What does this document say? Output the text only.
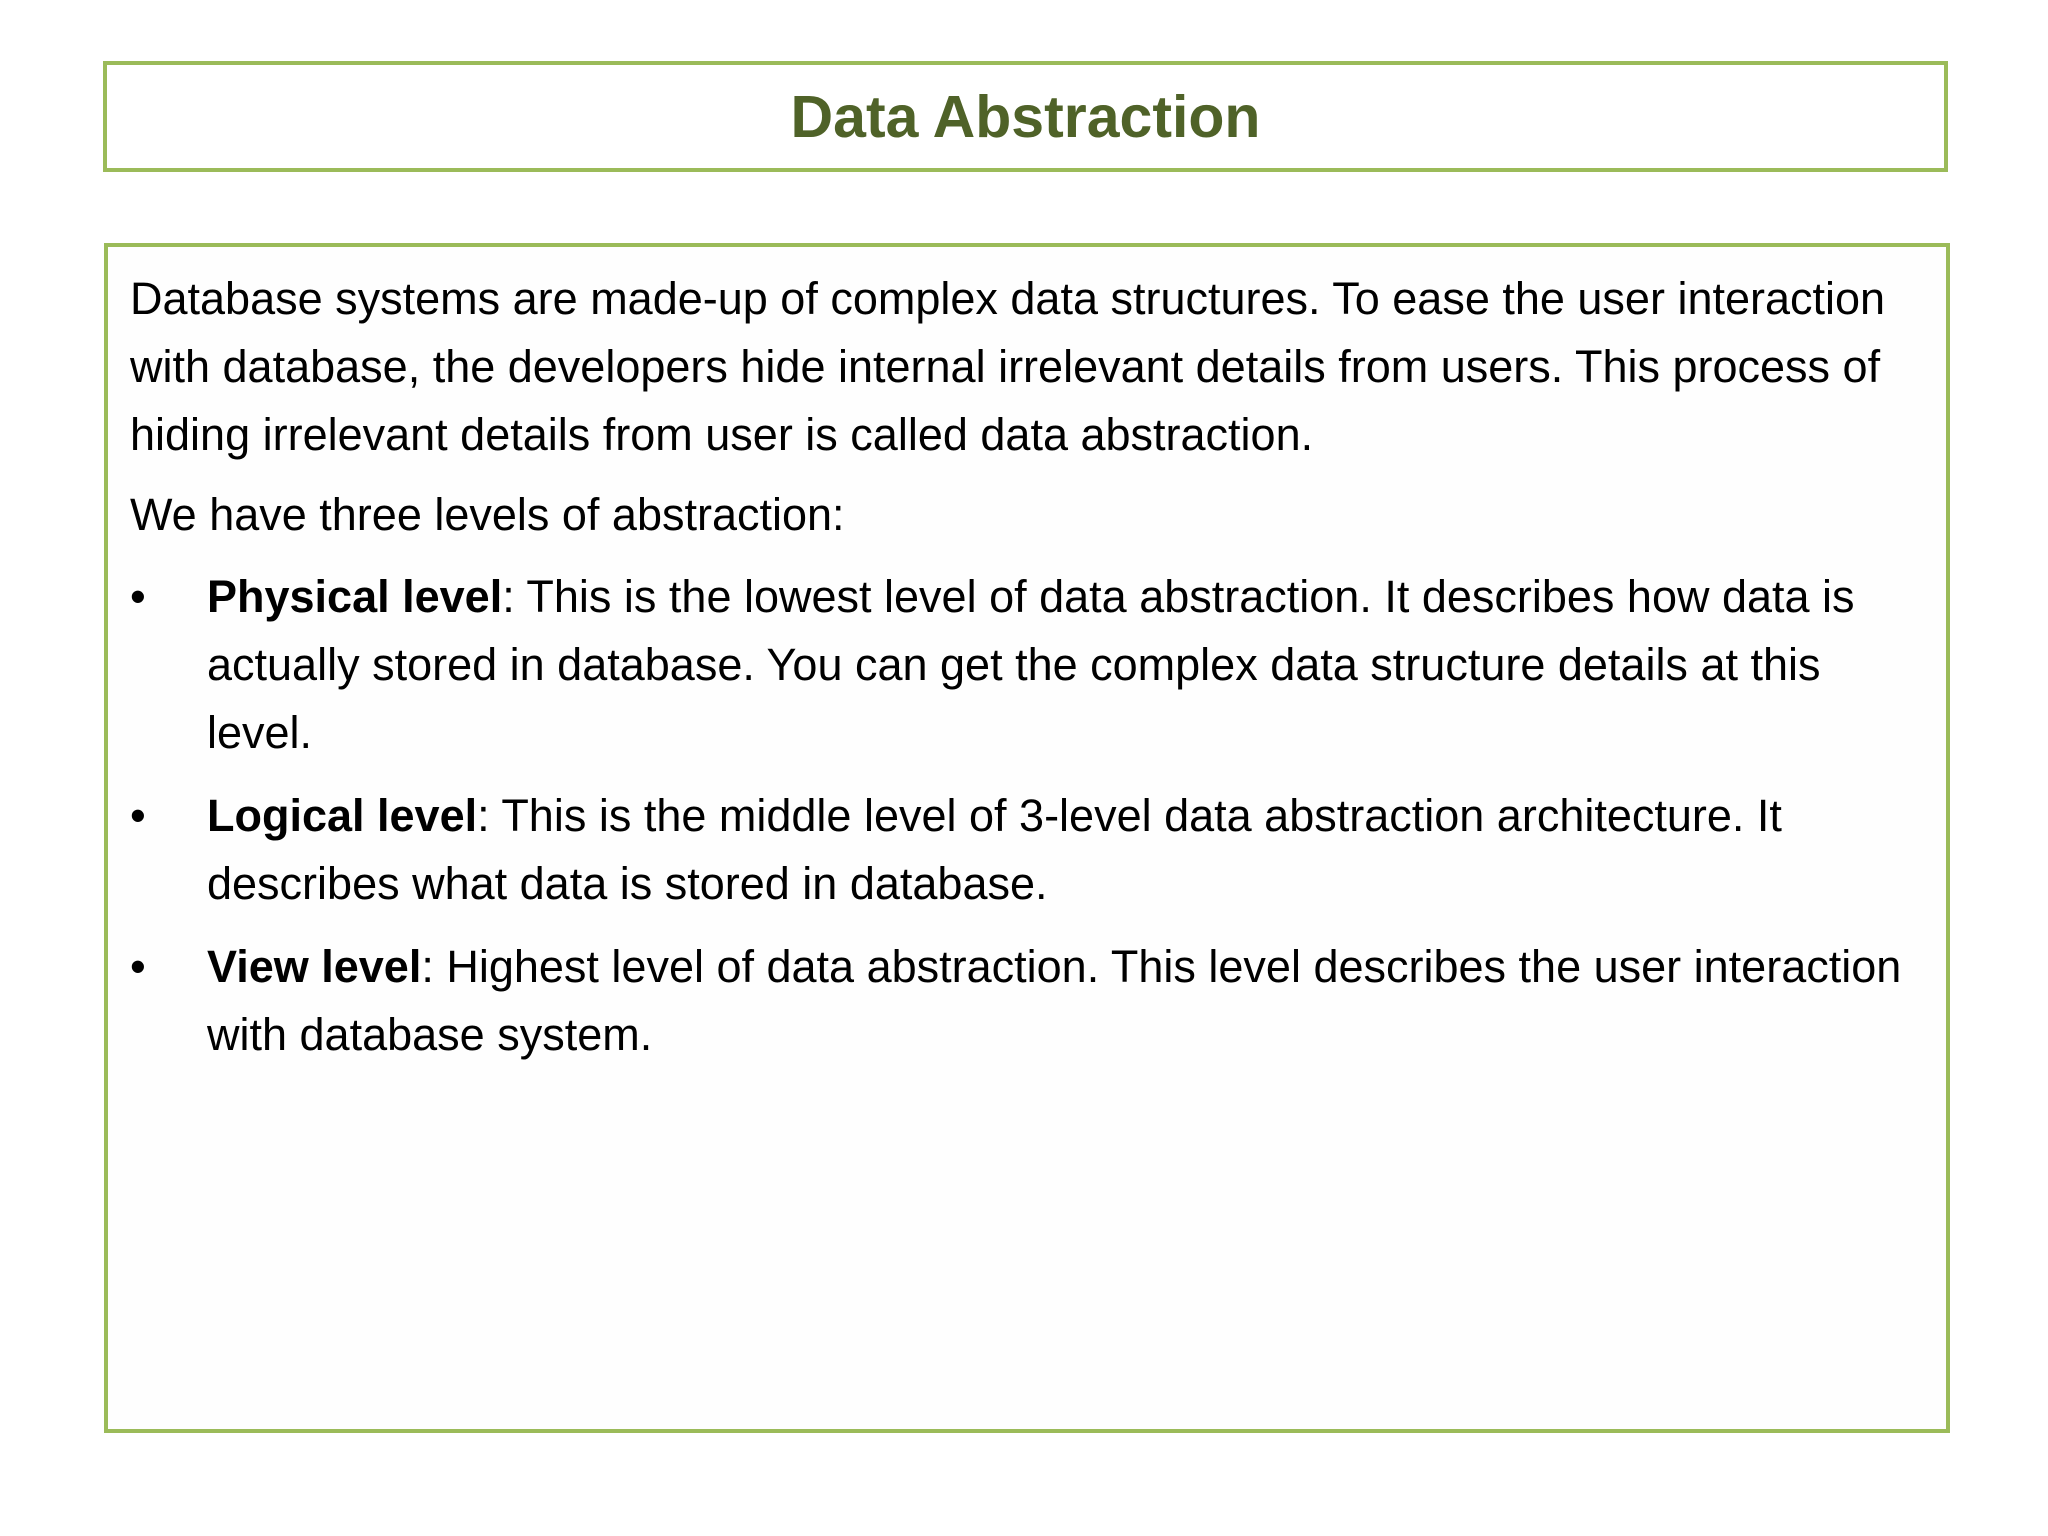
Data Abstraction

Database systems are made-up of complex data structures. To ease the user interaction with database, the developers hide internal irrelevant details from users. This process of hiding irrelevant details from user is called data abstraction.

We have three levels of abstraction:

•	Physical level: This is the lowest level of data abstraction. It describes how data is actually stored in database. You can get the complex data structure details at this level.
•	Logical level: This is the middle level of 3-level data abstraction architecture. It describes what data is stored in database.
•	View level: Highest level of data abstraction. This level describes the user interaction with database system.
